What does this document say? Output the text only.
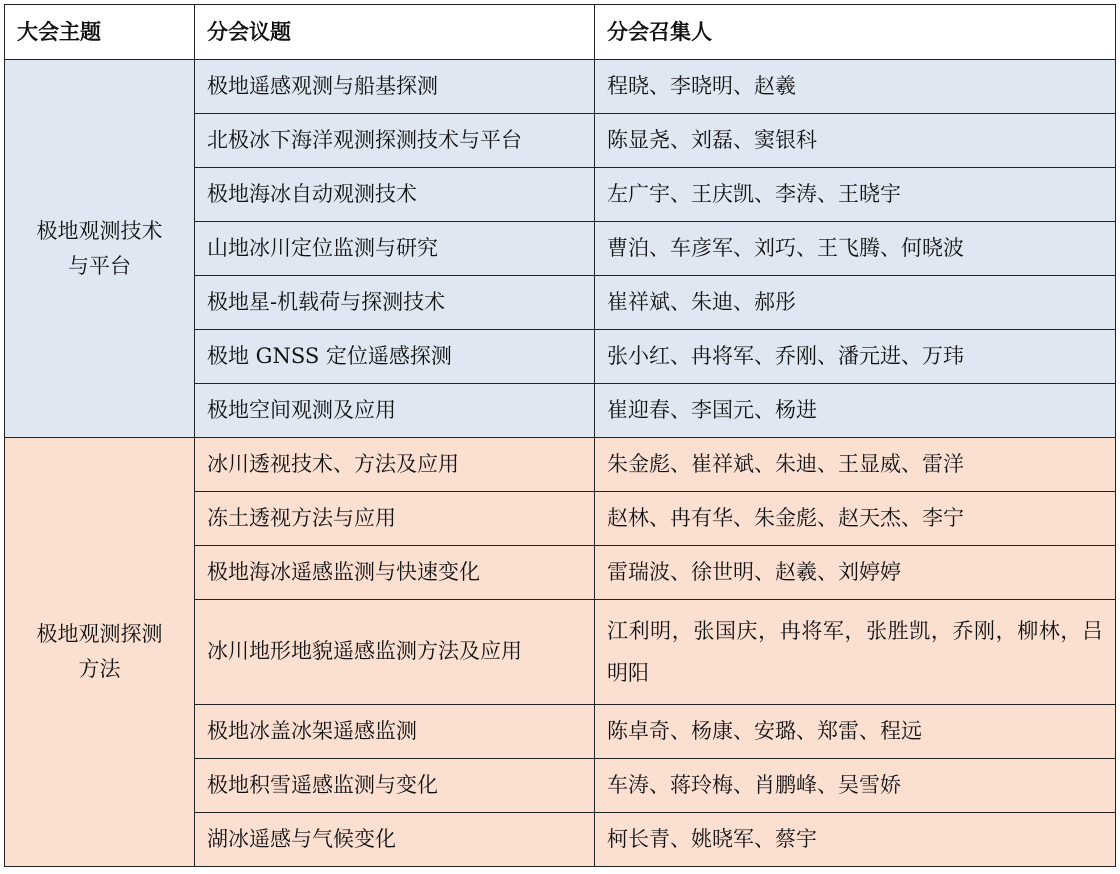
大会主题	分会议题	分会召集人

极地观测技术
与平台	极地遥感观测与船基探测	程晓、李晓明、赵羲
	北极冰下海洋观测探测技术与平台	陈显尧、刘磊、窦银科
	极地海冰自动观测技术	左广宇、王庆凯、李涛、王晓宇
	山地冰川定位监测与研究	曹泊、车彦军、刘巧、王飞腾、何晓波
	极地星-机载荷与探测技术	崔祥斌、朱迪、郝彤
	极地 GNSS 定位遥感探测	张小红、冉将军、乔刚、潘元进、万玮
	极地空间观测及应用	崔迎春、李国元、杨进

极地观测探测
方法	冰川透视技术、方法及应用	朱金彪、崔祥斌、朱迪、王显威、雷洋
	冻土透视方法与应用	赵林、冉有华、朱金彪、赵天杰、李宁
	极地海冰遥感监测与快速变化	雷瑞波、徐世明、赵羲、刘婷婷
	冰川地形地貌遥感监测方法及应用	江利明，张国庆，冉将军，张胜凯，乔刚，柳林，吕明阳

	极地冰盖冰架遥感监测	陈卓奇、杨康、安璐、郑雷、程远
	极地积雪遥感监测与变化	车涛、蒋玲梅、肖鹏峰、吴雪娇
	湖冰遥感与气候变化	柯长青、姚晓军、蔡宇
